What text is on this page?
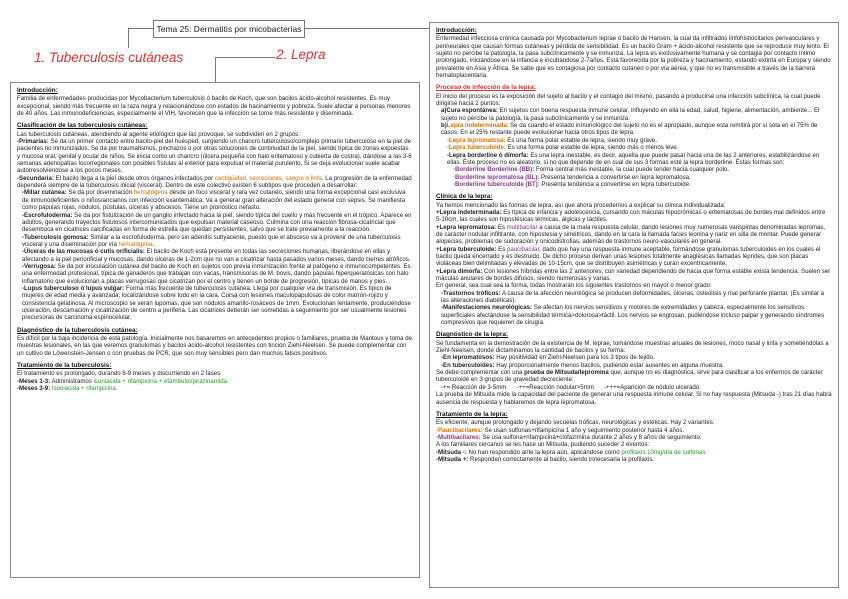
Tema 25: Dermatitis por micobacterias
1. Tuberculosis cutáneas	2. Lepra
Introducción:

Familia de enfermedades producidas por Mycobacterium tuberculosis ó bacilo de Koch, que son bacilos ácido-alcohol resistentes. Es muy excepcional, siendo más frecuente en la raza negra y relacionándose con estados de hacinamiento y pobreza. Suele afectar a personas menores de 40 años. Las inmunodeficiencias, especialmente el VIH, favorecen que la infección se torne más resistente y diseminada.

Clasificación de las tuberculosis cutáneas:

Las tuberculosis cutáneas, atendiendo al agente etiológico que las provoque, se subdividen en 2 grupos:

-Primarias: Se da un primer contacto entre bacilo-piel del huésped, surgiendo un chancro tuberculoso/complejo primario tuberculoso en la piel de pacientes no inmunizados. Se da por traumatismos, pinchazos o por otras soluciones de continuidad de la piel, siendo típica de zonas expuestas y mucosa oral, genital y ocular de niños. Se inicia como un chancro (úlcera pequeña con halo eritematoso y cubierta de costra), dándose a las 3-6 semanas adenopatías locorregionales con posibles fístulas al exterior para expulsar el material purulento. Si se deja evolucionar suele acabar autorresolviéndose a los pocos meses.

-Secundaria: El bacilo llega a la piel desde otros órganos infectados por contigüidad, secreciones, sangre o linfa. La progresión de la enfermedad dependerá siempre de la tuberculosis inicial (visceral). Dentro de este colectivo existen 6 subtipos que proceden a desarrollar:

-Miliar cutánea: Se da por diseminación hematógena desde un foco visceral y rara vez cutaneo, siendo una forma excepcional casi exclusiva de inmunodeficientes o niños/ancianos con infección exantemática. Va a generar gran alteración del estado general con sepsis. Se manifiesta como pápulas rojas, nódulos, pústulas, úlceras y abscesos. Tiene un pronóstico nefasto.

-Escrofuloderma: Se da por fistulización de un ganglio infectado hacia la piel, siendo típica del cuello y más frecuente en el trópico. Aparece en adultos, generando trayectos fistulosos intercomunicados que expulsan material caseoso. Culmina con una reacción fibrosa-cicatricial que desemboca en cicatrices calcificadas en forma de estrella que quedan persistentes, salvo que se trate previamente a la reacción.

-Tuberculosis gomosa: Similar a la escrofuloderma, pero sin adenitis subyacente, puesto que el absceso va a provenir de una tuberculosis visceral y una diseminación por vía hematógena.

-Úlceras de las mucosas ó cutis orificialis: El bacilo de Koch está presente en todas las secreciones humanas, liberándose en ellas y afectando a la piel periorificial y mucosas, dando úlceras de 1-2cm que no van a cicatrizar hasta pasados varios meses, dando cierres atróficos.

-Verrugosa: Se da por inoculación cutánea del bacilo de Koch en sujetos con previa inmunización frente al patógeno e inmunocompetentes. Es una enfermedad profesional, típica de ganaderos que trabajan con vacas, transmisoras de M. bovis, dando pápulas hiperqueratósicas con halo inflamatorio que evolucionan a placas verrugosas que cicatrizan por el centro y tienen un borde de progresión, típicas de manos y pies.

-Lupus tuberculoso ó lupus vulgar: Forma más frecuente de tuberculosis cutánea. Llega por cualquier vía de transmisión. Es típico de mujeres de edad media y avanzada, localizándose sobre todo en la cara. Cursa con lesiones maculopapulosas de color marrón-rojizo y consistencia gelatinosa. Al microscopio se verán lupomas, que son nódulos amarillo-rosáceos de 1mm. Evolucionan lentamente, produciéndose ulceración, descamación y cicatrización de centro a periferia. Las cicatrices deberán ser sometidas a seguimiento por ser usualmente lesiones precursoras de carcinoma espinocelular.

Diagnóstico de la tuberculosis cutánea:

Es difícil por la baja incidencia de esta patología. Inicialmente nos basaremos en antecedentes propios o familiares, prueba de Mantoux y toma de muestras lesionales, en las que veremos granulomas y bacilos ácido-alcohol resistentes con tinción Ziehl-Neelsen. Se puede complementar con un cultivo de Löwenstein-Jensen o con pruebas de PCR, que son muy sensibles pero dan muchos falsos positivos.

Tratamiento de la tuberculosis:

El tratamiento es prolongado, durando 6-9 meses y discurriendo en 2 fases:

-Meses 1-3: Administramos isoniacida + rifampicina + etambutol/pirazinamida

-Meses 3-9: Isoniacida + rifampicina.

Introducción:

Enfermedad infecciosa crónica causada por Mycobacterium leprae ó bacilo de Hansen, la cual da infiltrados linfohistiocitarios perivasculares y perineurales que causan formas cutáneas y pérdida de sensibilidad. Es un bacilo Gram + ácido-alcohol resistente que se reproduce muy lento. El sujeto no percibe la patología, la pasa subclínicamente y se inmuniza. La lepra es exclusivamente humana y se contagia por contacto íntimo prolongado, iniciándose en la infancia e incubándose 2-7años. Está favorecida por la pobreza y hacinamiento, estando extinta en Europa y siendo prevalente en Asia y África. Se sabe que es contagiosa por contacto cutáneo o por vía aérea, y que no es transmisible a través de la barrera hematoplacentaria.

Proceso de infección de la lepra:

El inicio del proceso es la exposición del sujeto al bacilo y el contagio del mismo, pasando a producirse una infección subclínica, la cual puede dirigirse hacia 2 puntos:

a)Cura espontánea: En sujetos con buena respuesta inmune celular, influyendo en ella la edad, salud, higiene, alimentación, ambiente... El sujeto no percibe la patología, la pasa subclínicamente y se inmuniza.

b)Lepra indeterminada: Se da cuando el estado inmunológico del sujeto no es el apropiado, aunque esta remitirá por sí sola en el 75% de casos. En el 25% restante puede evolucionar hacia otros tipos de lepra:

-Lepra lepromatosa: Es una forma polar estable de lepra, siendo muy grave.

-Lepra tuberculoide: Es una forma polar estable de lepra, siendo más o menos leve.

-Lepra borderline ó dimorfa: Es una lepra inestable, es decir, aquella que puede pasar hacia una de las 2 anteriores, estabilizándose en ellas. Éste proceso no es aleatorio, si no que depende de en cual de sus 3 formas esté la lepra borderline. Éstas formas son:

·Borderline Borderline (BB): Forma central más inestable, la cual puede tender hacia cualquier polo.

·Borderline lepromatosa (BL): Presenta tendencia a convertirse en lepra lepromatosa.

·Borderline tuberculoide (BT): Presenta tendencia a convertirse en lepra tuberculoide.

Clínica de la lepra:

Ya hemos mencionado las formas de lepra, así que ahora procedemos a explicar su clínica individualizada:

+Lepra indeterminada: Es típica de infancia y adolescencia, cursando con máculas hipocrómicas o eritematosas de bordes mal definidos entre 5-10cm, las cuales son hipostésicas térmicas, álgicas y táctiles.

+Lepra lepromatosa: Es multibacilar a causa de la mala respuesta celular, dando lesiones muy numerosas varispintas denominadas lepromas, de carácter nodular infiltrante, con hipostesia y simétricos, dando en la cara la llamada facies leonina y nariz en silla de montar. Puede generar alopecias, problemas de sudoración y onicodistrofias, además de trastornos neuro-vasculares en general.

+Lepra tuberculoide: Es paucibacilar, dado que hay una respuesta inmune aceptable, formándose granulomas tuberculoides en los cuales el bacilo queda encerrado y es destruido. De dicho proceso derivan unas lesiones totalmente anaglésicas llamadas léprides, que son placas violáceas bien delimitadas y elevadas de 10-15cm, que se distribuyen asimétricas y curan excéntricamente.

+Lepra dimorfa: Con lesiones híbridas entre las 2 anteriores, con variedad dependiendo de hacia que forma estable exista tendencia. Suelen ser máculas anulares de bordes difusos, siendo numerosas y varias.

En general, sea cual sea la forma, todas mostrarán los siguientes trastornos en mayor o menor grado:

-Trastornos tróficos: A causa de la afección neurológica se producen deformidades, úlceras, osteolisis y mal perforante plantar. (Es similar a las alteraciones diabéticas).

-Manifestaciones neurológicas: Se afectan los nervios sensitivos y motores de extremidades y cabeza, especialmente los sensitivos superficiales afectándose la sensibilidad térmica>dolorosa>táctil. Los nervios se engrosan, pudiéndose incluso palpar y generando síndromes compresivos que requieren de cirugía.

Diagnóstico de la lepra:

Se fundamenta en la demostración de la existencia de M. leprae, tomándose muestras anuales de lesiones, moco nasal y linfa y sometiéndolas a Ziehl-Neelsen, donde dictaminamos la cantidad de bacilos y su forma:

-En lepromatosos: Hay positividad en Ziehl-Neelsen para los 3 tipos de tejido.

-En tuberculoides: Hay proporcionalmente menos bacilos, pudiendo estar ausentes en alguna muestra.

Se debe complementar con una prueba de Mitsuda/lepromina que, aunque no es diagnóstica, sirve para clasificar a los enfermos de carácter tuberculoide en 3 grupos de gravedad decreciente:

-+= Reacción de 3-5mm -++=Reacción nodular>5mm -+++=Aparición de nódulo ulcerado.

La prueba de Mitsuda mide la capacidad del paciente de generar una respuesta inmune celular. Si no hay respuesta (Mitsuda -) tras 21 días habrá ausencia de respuesta y hablaremos de lepra lepromatosa.

Tratamiento de la lepra:

Es eficiente, aunque prolongado y dejando secuelas tróficas, neurológicas y estéticas. Hay 2 variantes:

-Paucibacilares: Se usan sulfonas+rifampicina 1 año y seguimiento posterior hasta 4 años.

-Multibacilares: Se usa sulfona+rifampicina+clofazimina durante 2 años y 8 años de seguimiento.

A los familiares cercanos se les hace un Mitsuda, pudiendo suceder 2 eventos:

-Mitsuda -: No han respondido ante la lepra aún, aplicándose como profilaxis 10mg/día de sulfonas.

-Mitsuda +: Responden correctamente al bacilo, siendo innecesaria la profilaxis.
